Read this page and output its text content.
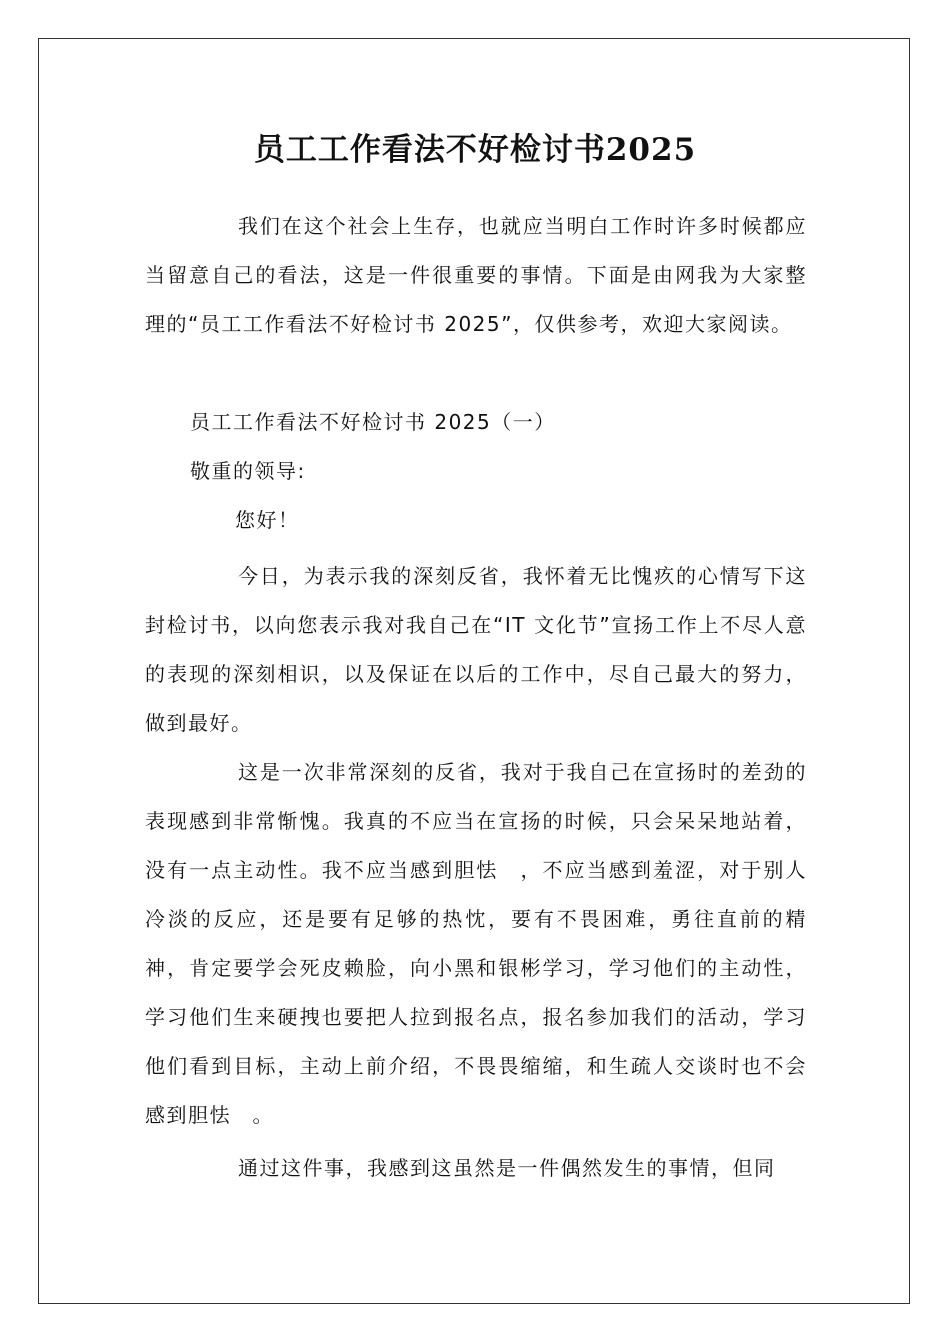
员工工作看法不好检讨书2025

我们在这个社会上生存，也就应当明白工作时许多时候都应当留意自己的看法，这是一件很重要的事情。下面是由网我为大家整理的“员工工作看法不好检讨书 2025”，仅供参考，欢迎大家阅读。

员工工作看法不好检讨书 2025（一）

敬重的领导:

您好！

今日，为表示我的深刻反省，我怀着无比愧疚的心情写下这封检讨书，以向您表示我对我自己在“IT 文化节”宣扬工作上不尽人意的表现的深刻相识，以及保证在以后的工作中，尽自己最大的努力，做到最好。

这是一次非常深刻的反省，我对于我自己在宣扬时的差劲的表现感到非常惭愧。我真的不应当在宣扬的时候，只会呆呆地站着，没有一点主动性。我不应当感到胆怯　，不应当感到羞涩，对于别人冷淡的反应，还是要有足够的热忱，要有不畏困难，勇往直前的精神，肯定要学会死皮赖脸，向小黑和银彬学习，学习他们的主动性，学习他们生来硬拽也要把人拉到报名点，报名参加我们的活动，学习他们看到目标，主动上前介绍，不畏畏缩缩，和生疏人交谈时也不会感到胆怯　。

通过这件事，我感到这虽然是一件偶然发生的事情，但同
